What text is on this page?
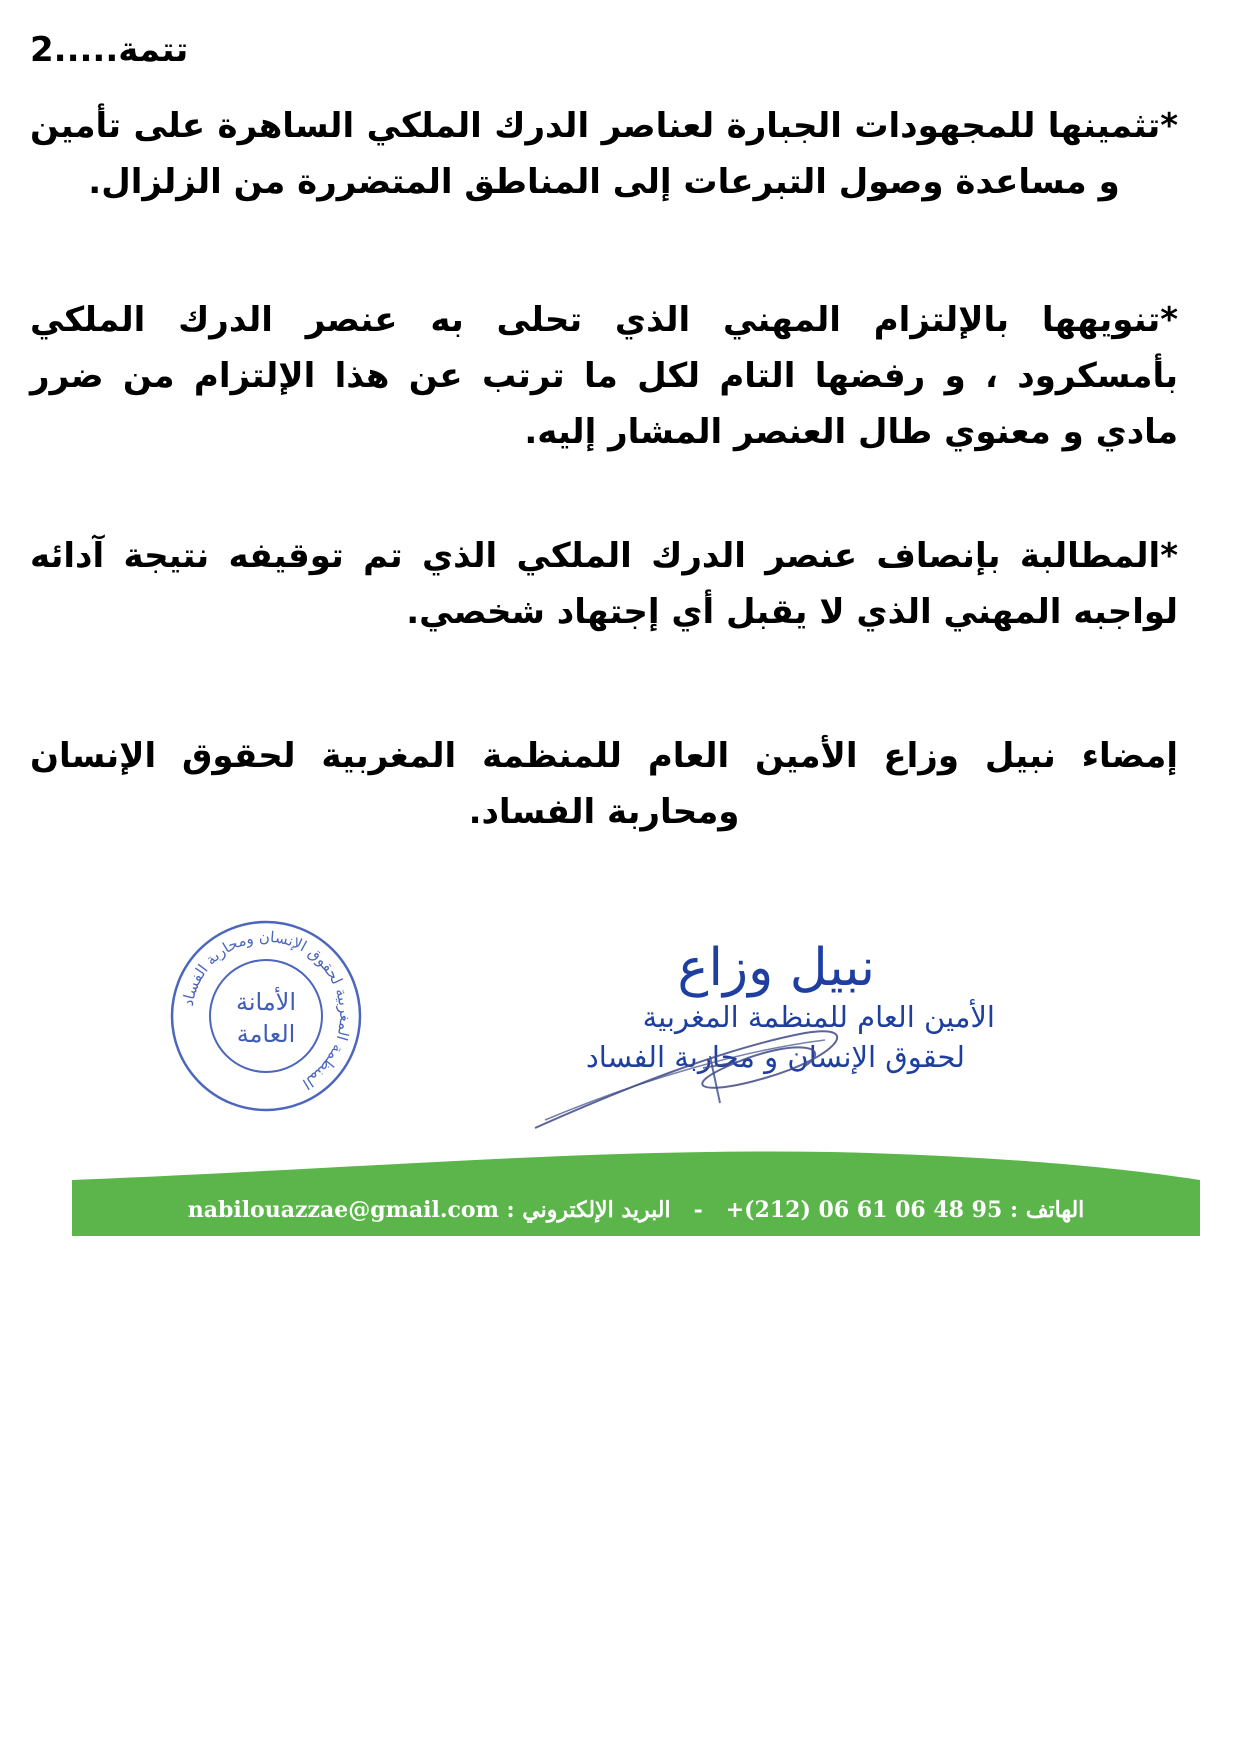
تتمة.....2

*تثمينها للمجهودات الجبارة لعناصر الدرك الملكي الساهرة على تأمين و مساعدة وصول التبرعات إلى المناطق المتضررة من الزلزال.

*تنويهها بالإلتزام المهني الذي تحلى به عنصر الدرك الملكي بأمسكرود ، و رفضها التام لكل ما ترتب عن هذا الإلتزام من ضرر مادي و معنوي طال العنصر المشار إليه.

*المطالبة بإنصاف عنصر الدرك الملكي الذي تم توقيفه نتيجة آدائه لواجبه المهني الذي لا يقبل أي إجتهاد شخصي.

إمضاء نبيل وزاع الأمين العام للمنظمة المغربية لحقوق الإنسان ومحاربة الفساد.

المنظمة المغربية لحقوق الإنسان ومحاربة الفساد
الأمانة
العامة
نبيل وزاع
الأمين العام للمنظمة المغربية
لحقوق الإنسان و محاربة الفساد
الهاتف : +(212) 06 61 06 48 95   -   البريد الإلكتروني : nabilouazzae@gmail.com
